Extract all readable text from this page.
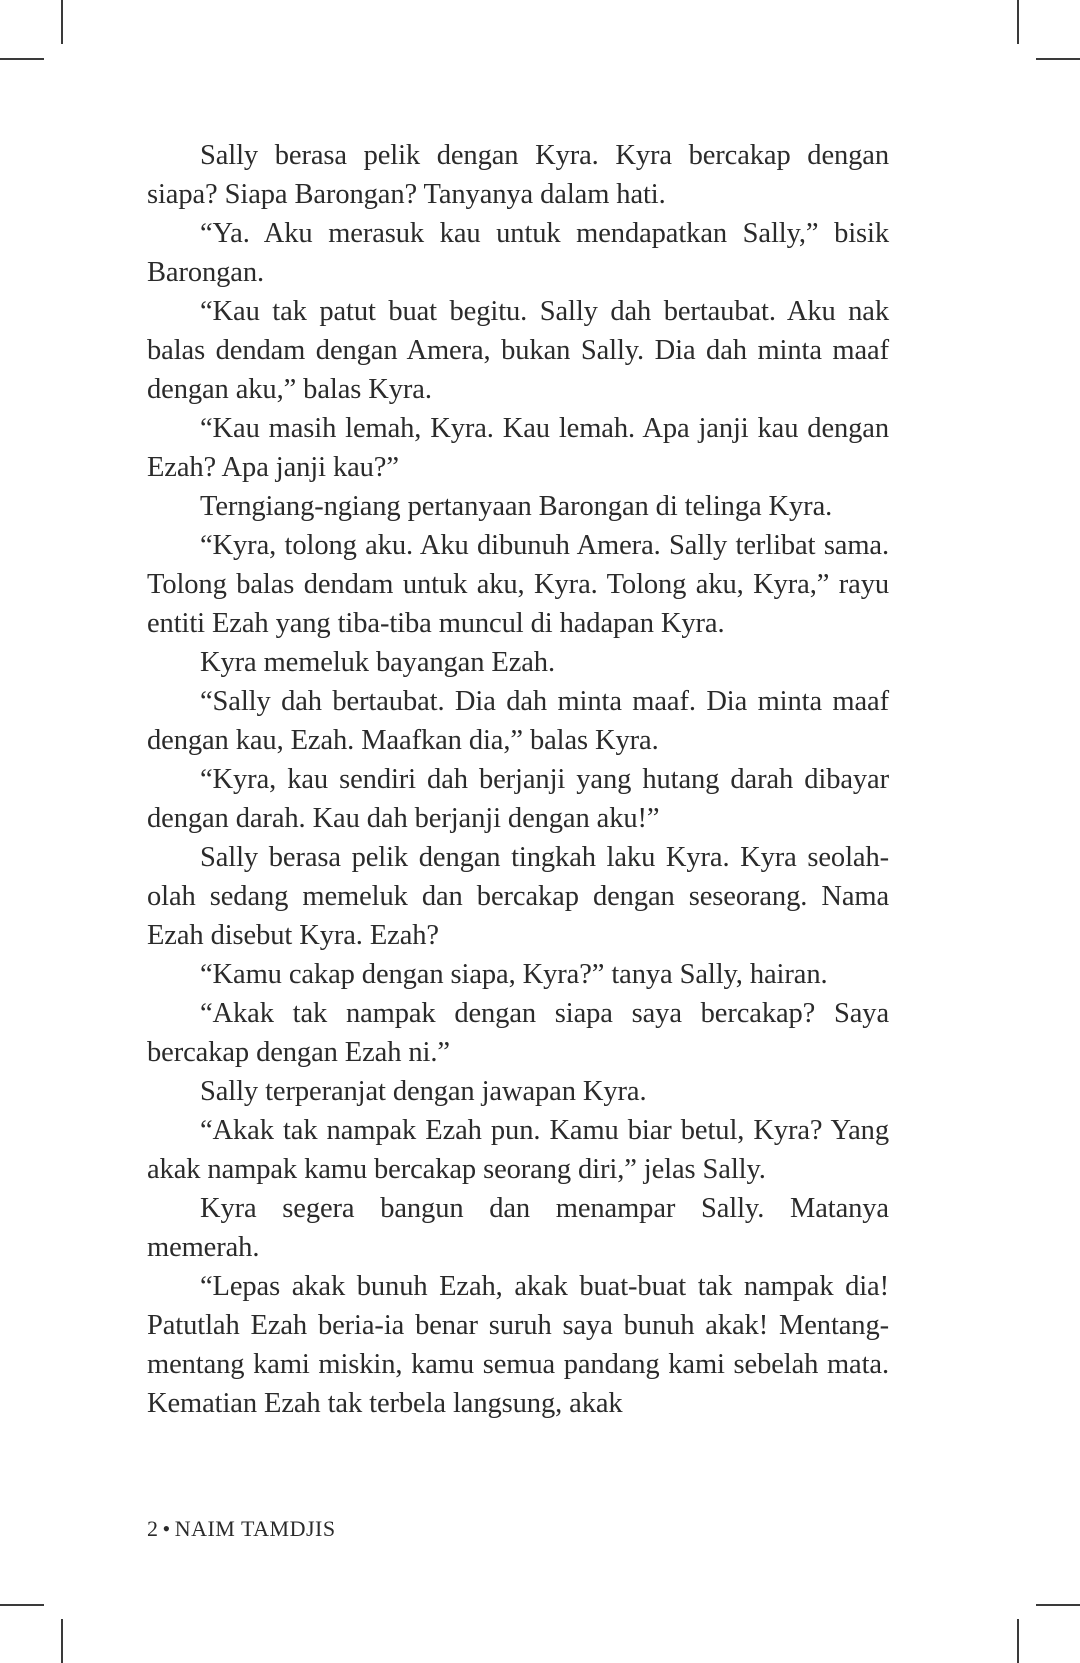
Sally berasa pelik dengan Kyra. Kyra bercakap dengan siapa? Siapa Barongan? Tanyanya dalam hati.

“Ya. Aku merasuk kau untuk mendapatkan Sally,” bisik Barongan.

“Kau tak patut buat begitu. Sally dah bertaubat. Aku nak balas dendam dengan Amera, bukan Sally. Dia dah minta maaf dengan aku,” balas Kyra.

“Kau masih lemah, Kyra. Kau lemah. Apa janji kau dengan Ezah? Apa janji kau?”

Terngiang-ngiang pertanyaan Barongan di telinga Kyra.

“Kyra, tolong aku. Aku dibunuh Amera. Sally terlibat sama. Tolong balas dendam untuk aku, Kyra. Tolong aku, Kyra,” rayu entiti Ezah yang tiba-tiba muncul di hadapan Kyra.

Kyra memeluk bayangan Ezah.

“Sally dah bertaubat. Dia dah minta maaf. Dia minta maaf dengan kau, Ezah. Maafkan dia,” balas Kyra.

“Kyra, kau sendiri dah berjanji yang hutang darah dibayar dengan darah. Kau dah berjanji dengan aku!”

Sally berasa pelik dengan tingkah laku Kyra. Kyra seolah-olah sedang memeluk dan bercakap dengan seseorang. Nama Ezah disebut Kyra. Ezah?

“Kamu cakap dengan siapa, Kyra?” tanya Sally, hairan.

“Akak tak nampak dengan siapa saya bercakap? Saya bercakap dengan Ezah ni.”

Sally terperanjat dengan jawapan Kyra.

“Akak tak nampak Ezah pun. Kamu biar betul, Kyra? Yang akak nampak kamu bercakap seorang diri,” jelas Sally.

Kyra segera bangun dan menampar Sally. Matanya memerah.

“Lepas akak bunuh Ezah, akak buat-buat tak nampak dia! Patutlah Ezah beria-ia benar suruh saya bunuh akak! Mentang-mentang kami miskin, kamu semua pandang kami sebelah mata. Kematian Ezah tak terbela langsung, akak

2 • NAIM TAMDJIS
